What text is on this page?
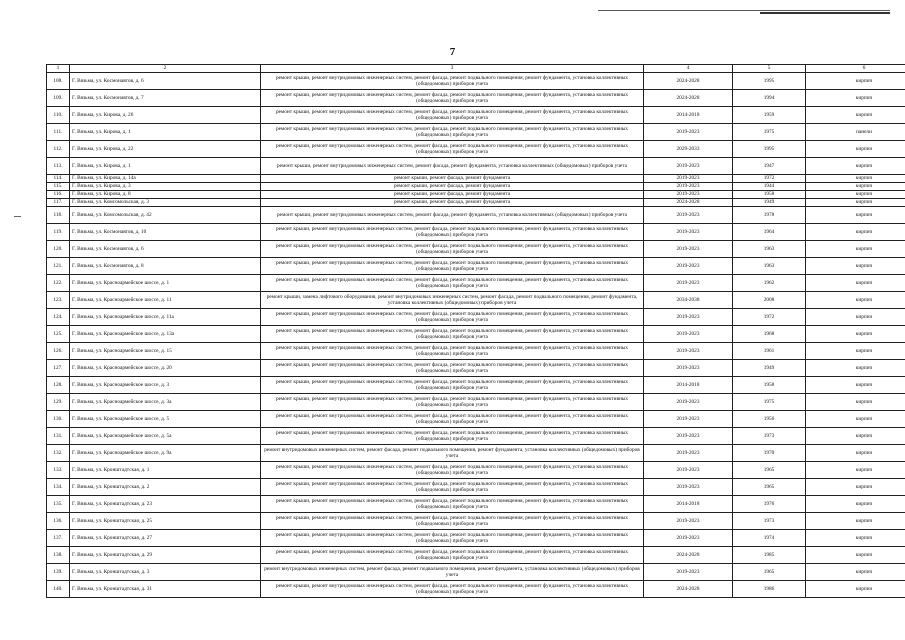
7
1	2	3	4	5	6
108.	Г. Вязьма, ул. Космонавтов, д. 6	ремонт крыши, ремонт внутридомовых инженерных систем, ремонт фасада, ремонт подвального помещения, ремонт фундамента, установка коллективных (общедомовых) приборов учета	2024-2028	1995	кирпич
109.	Г. Вязьма, ул. Космонавтов, д. 7	ремонт крыши, ремонт внутридомовых инженерных систем, ремонт фасада, ремонт подвального помещения, ремонт фундамента, установка коллективных (общедомовых) приборов учета	2024-2028	1994	кирпич
110.	Г. Вязьма, ул. Кирова, д. 26	ремонт крыши, ремонт внутридомовых инженерных систем, ремонт фасада, ремонт подвального помещения, ремонт фундамента, установка коллективных (общедомовых) приборов учета	2014-2018	1959	кирпич
111.	Г. Вязьма, ул. Кирова, д. 1	ремонт крыши, ремонт внутридомовых инженерных систем, ремонт фасада, ремонт подвального помещения, ремонт фундамента, установка коллективных (общедомовых) приборов учета	2019-2023	1975	панели
112.	Г. Вязьма, ул. Кирова, д. 22	ремонт крыши, ремонт внутридомовых инженерных систем, ремонт фасада, ремонт подвального помещения, ремонт фундамента, установка коллективных (общедомовых) приборов учета	2029-2033	1995	кирпич
113.	Г. Вязьма, ул. Кирова, д. 1	ремонт крыши, ремонт внутридомовых инженерных систем, ремонт фасада, ремонт фундамента, установка коллективных (общедомовых) приборов учета	2019-2023	1947	кирпич
114.	Г. Вязьма, ул. Кирова, д. 14а	ремонт крыши, ремонт фасада, ремонт фундамента	2019-2023	1972	кирпич
115.	Г. Вязьма, ул. Кирова, д. 3	ремонт крыши, ремонт фасада, ремонт фундамента	2019-2023	1944	кирпич
116.	Г. Вязьма, ул. Кирова, д. 8	ремонт крыши, ремонт фасада, ремонт фундамента	2019-2023	1958	кирпич
117.	Г. Вязьма, ул. Комсомольская, д. 3	ремонт крыши, ремонт фасада, ремонт фундамента	2024-2028	1949	кирпич
118.	Г. Вязьма, ул. Комсомольская, д. 42	ремонт крыши, ремонт внутридомовых инженерных систем, ремонт фасада, ремонт фундамента, установка коллективных (общедомовых) приборов учета	2019-2023	1978	кирпич
119.	Г. Вязьма, ул. Космонавтов, д. 10	ремонт крыши, ремонт внутридомовых инженерных систем, ремонт фасада, ремонт подвального помещения, ремонт фундамента, установка коллективных (общедомовых) приборов учета	2019-2023	1964	кирпич
120.	Г. Вязьма, ул. Космонавтов, д. 6	ремонт крыши, ремонт внутридомовых инженерных систем, ремонт фасада, ремонт подвального помещения, ремонт фундамента, установка коллективных (общедомовых) приборов учета	2019-2023	1963	кирпич
121.	Г. Вязьма, ул. Космонавтов, д. 8	ремонт крыши, ремонт внутридомовых инженерных систем, ремонт фасада, ремонт подвального помещения, ремонт фундамента, установка коллективных (общедомовых) приборов учета	2019-2023	1963	кирпич
122.	Г. Вязьма, ул. Красноармейское шоссе, д. 1	ремонт крыши, ремонт внутридомовых инженерных систем, ремонт фасада, ремонт подвального помещения, ремонт фундамента, установка коллективных (общедомовых) приборов учета	2019-2023	1962	кирпич
123.	Г. Вязьма, ул. Красноармейское шоссе, д. 11	ремонт крыши, замена лифтового оборудования, ремонт внутридомовых инженерных систем, ремонт фасада, ремонт подвального помещения, ремонт фундамента, установка коллективных (общедомовых) приборов учета	2034-2038	2008	кирпич
124.	Г. Вязьма, ул. Красноармейское шоссе, д. 11а	ремонт крыши, ремонт внутридомовых инженерных систем, ремонт фасада, ремонт подвального помещения, ремонт фундамента, установка коллективных (общедомовых) приборов учета	2019-2023	1972	кирпич
125.	Г. Вязьма, ул. Красноармейское шоссе, д. 13а	ремонт крыши, ремонт внутридомовых инженерных систем, ремонт фасада, ремонт подвального помещения, ремонт фундамента, установка коллективных (общедомовых) приборов учета	2019-2023	1968	кирпич
126.	Г. Вязьма, ул. Красноармейское шоссе, д. 15	ремонт крыши, ремонт внутридомовых инженерных систем, ремонт фасада, ремонт подвального помещения, ремонт фундамента, установка коллективных (общедомовых) приборов учета	2019-2023	1961	кирпич
127.	Г. Вязьма, ул. Красноармейское шоссе, д. 20	ремонт крыши, ремонт внутридомовых инженерных систем, ремонт фасада, ремонт подвального помещения, ремонт фундамента, установка коллективных (общедомовых) приборов учета	2019-2023	1949	кирпич
128.	Г. Вязьма, ул. Красноармейское шоссе, д. 3	ремонт крыши, ремонт внутридомовых инженерных систем, ремонт фасада, ремонт подвального помещения, ремонт фундамента, установка коллективных (общедомовых) приборов учета	2014-2018	1958	кирпич
129.	Г. Вязьма, ул. Красноармейское шоссе, д. 3а	ремонт крыши, ремонт внутридомовых инженерных систем, ремонт фасада, ремонт подвального помещения, ремонт фундамента, установка коллективных (общедомовых) приборов учета	2019-2023	1975	кирпич
130.	Г. Вязьма, ул. Красноармейское шоссе, д. 5	ремонт крыши, ремонт внутридомовых инженерных систем, ремонт фасада, ремонт подвального помещения, ремонт фундамента, установка коллективных (общедомовых) приборов учета	2019-2023	1956	кирпич
131.	Г. Вязьма, ул. Красноармейское шоссе, д. 5а	ремонт крыши, ремонт внутридомовых инженерных систем, ремонт фасада, ремонт подвального помещения, ремонт фундамента, установка коллективных (общедомовых) приборов учета	2019-2023	1973	кирпич
132.	Г. Вязьма, ул. Красноармейское шоссе, д. 9а	ремонт внутридомовых инженерных систем, ремонт фасада, ремонт подвального помещения, ремонт фундамента, установка коллективных (общедомовых) приборов учета	2019-2023	1970	кирпич
133.	Г. Вязьма, ул. Кронштадтская, д. 1	ремонт крыши, ремонт внутридомовых инженерных систем, ремонт фасада, ремонт подвального помещения, ремонт фундамента, установка коллективных (общедомовых) приборов учета	2019-2023	1965	кирпич
134.	Г. Вязьма, ул. Кронштадтская, д. 2	ремонт крыши, ремонт внутридомовых инженерных систем, ремонт фасада, ремонт подвального помещения, ремонт фундамента, установка коллективных (общедомовых) приборов учета	2019-2023	1965	кирпич
135.	Г. Вязьма, ул. Кронштадтская, д. 23	ремонт крыши, ремонт внутридомовых инженерных систем, ремонт фасада, ремонт подвального помещения, ремонт фундамента, установка коллективных (общедомовых) приборов учета	2014-2018	1976	кирпич
136.	Г. Вязьма, ул. Кронштадтская, д. 25	ремонт крыши, ремонт внутридомовых инженерных систем, ремонт фасада, ремонт подвального помещения, ремонт фундамента, установка коллективных (общедомовых) приборов учета	2019-2023	1973	кирпич
137.	Г. Вязьма, ул. Кронштадтская, д. 27	ремонт крыши, ремонт внутридомовых инженерных систем, ремонт фасада, ремонт подвального помещения, ремонт фундамента, установка коллективных (общедомовых) приборов учета	2019-2023	1974	кирпич
138.	Г. Вязьма, ул. Кронштадтская, д. 29	ремонт крыши, ремонт внутридомовых инженерных систем, ремонт фасада, ремонт подвального помещения, ремонт фундамента, установка коллективных (общедомовых) приборов учета	2024-2028	1985	кирпич
139.	Г. Вязьма, ул. Кронштадтская, д. 3	ремонт внутридомовых инженерных систем, ремонт фасада, ремонт подвального помещения, ремонт фундамента, установка коллективных (общедомовых) приборов учета	2019-2023	1965	кирпич
140.	Г. Вязьма, ул. Кронштадтская, д. 31	ремонт крыши, ремонт внутридомовых инженерных систем, ремонт фасада, ремонт подвального помещения, ремонт фундамента, установка коллективных (общедомовых) приборов учета	2024-2028	1986	кирпич
